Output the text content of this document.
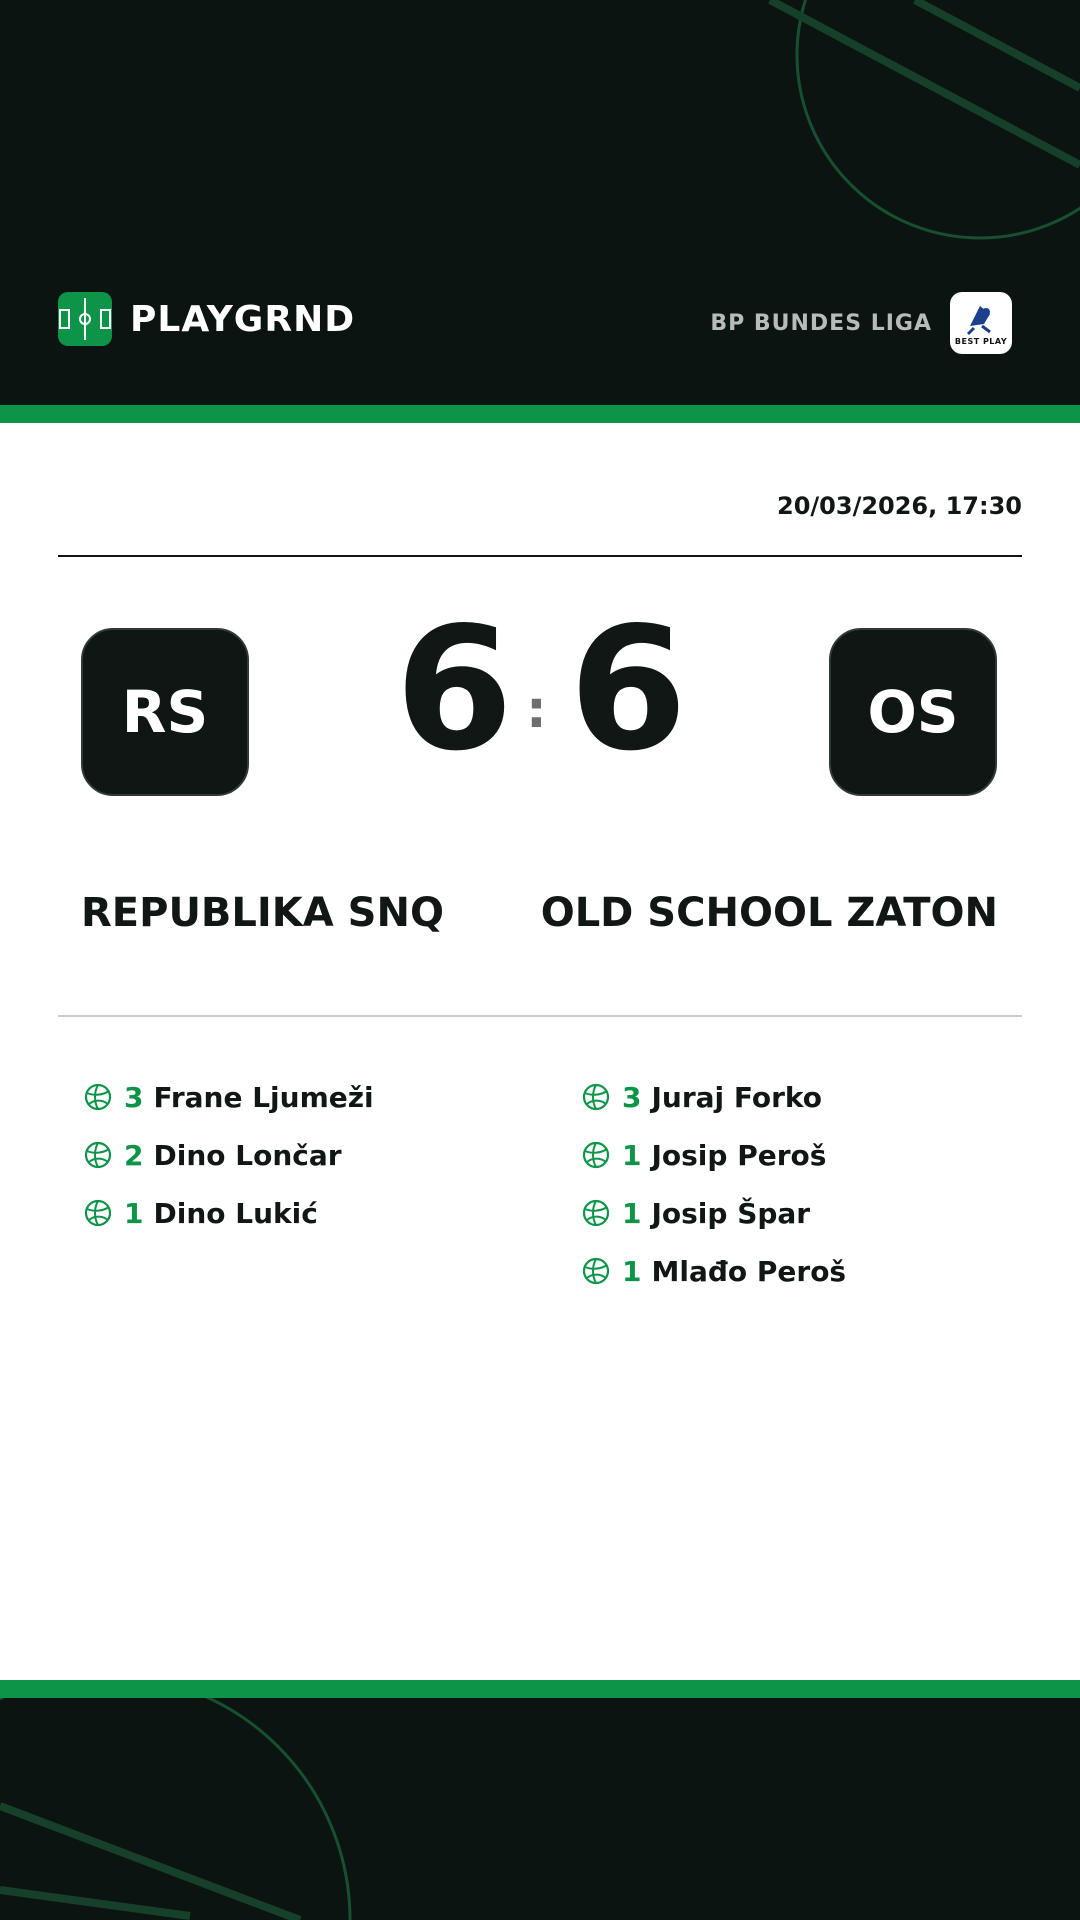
PLAYGRND	BP BUNDES LIGA
BEST PLAY
20/03/2026, 17:30
RS 6 : 6	OS
REPUBLIKA SNQ OLD SCHOOL ZATON
3 Frane Ljumeži
2 Dino Lončar
1 Dino Lukić
3 Juraj Forko
1 Josip Peroš
1 Josip Špar
1 Mlađo Peroš
